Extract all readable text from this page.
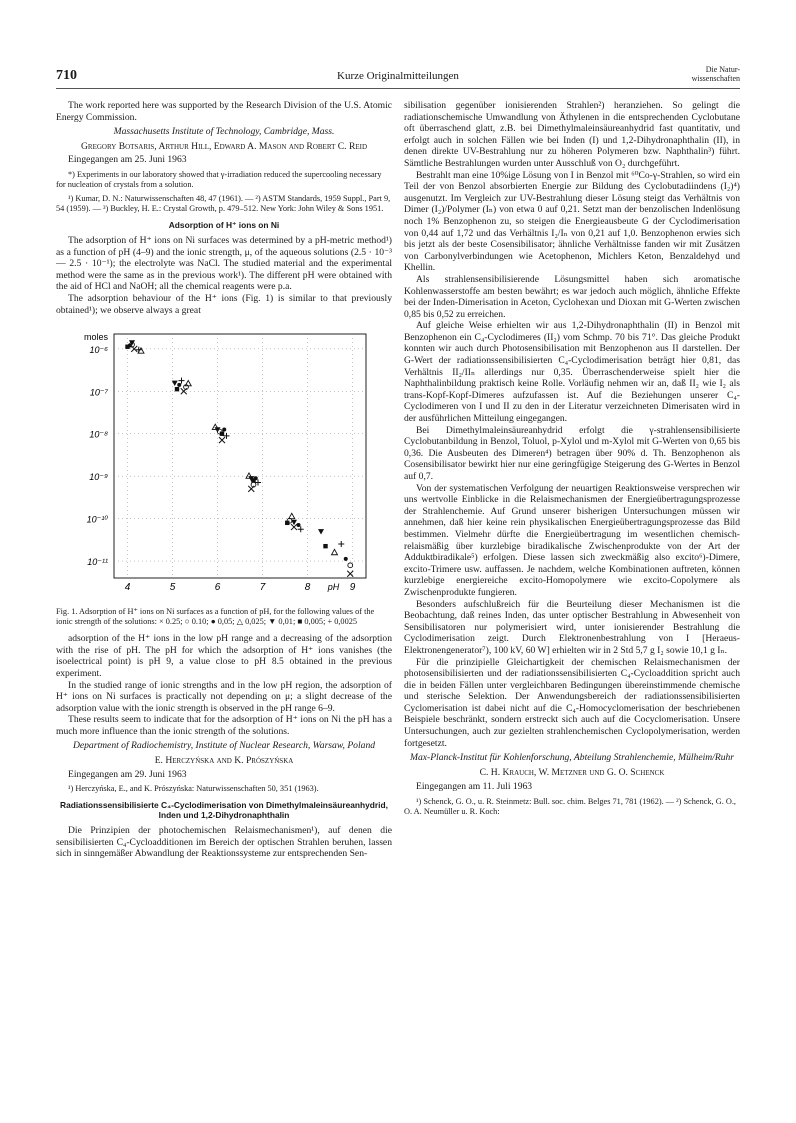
710	Kurze Originalmitteilungen
Die Natur-
wissenschaften

The work reported here was supported by the Research Division of the U.S. Atomic Energy Commission.

Massachusetts Institute of Technology, Cambridge, Mass.
Gregory Botsaris, Arthur Hill, Edward A. Mason and Robert C. Reid
Eingegangen am 25. Juni 1963
*) Experiments in our laboratory showed that γ-irradiation reduced the supercooling necessary for nucleation of crystals from a solution.
¹) Kumar, D. N.: Naturwissenschaften 48, 47 (1961). — ²) ASTM Standards, 1959 Suppl., Part 9, 54 (1959). — ³) Buckley, H. E.: Crystal Growth, p. 479–512. New York: John Wiley & Sons 1951.
Adsorption of H⁺ ions on Ni

The adsorption of H⁺ ions on Ni surfaces was determined by a pH-metric method¹) as a function of pH (4–9) and the ionic strength, μ, of the aqueous solutions (2.5 · 10⁻³ — 2.5 · 10⁻¹); the electrolyte was NaCl. The studied material and the experimental method were the same as in the previous work¹). The different pH were obtained with the aid of HCl and NaOH; all the chemical reagents were p.a.

The adsorption behaviour of the H⁺ ions (Fig. 1) is similar to that previously obtained¹); we observe always a great

4	5	6	7	8	9
10⁻⁶
10⁻⁷
10⁻⁸
10⁻⁹
10⁻¹⁰
10⁻¹¹
moles
pH
Fig. 1. Adsorption of H⁺ ions on Ni surfaces as a function of pH, for the following values of the ionic strength of the solutions: × 0.25; ○ 0.10; ● 0,05; △ 0,025; ▼ 0,01; ■ 0,005; + 0,0025

adsorption of the H⁺ ions in the low pH range and a decreasing of the adsorption with the rise of pH. The pH for which the adsorption of H⁺ ions vanishes (the isoelectrical point) is pH 9, a value close to pH 8.5 obtained in the previous experiment.

In the studied range of ionic strengths and in the low pH region, the adsorption of H⁺ ions on Ni surfaces is practically not depending on μ; a slight decrease of the adsorption value with the ionic strength is observed in the pH range 6–9.

These results seem to indicate that for the adsorption of H⁺ ions on Ni the pH has a much more influence than the ionic strength of the solutions.

Department of Radiochemistry, Institute of Nuclear Research, Warsaw, Poland
E. Herczyńska and K. Prószyńska
Eingegangen am 29. Juni 1963
¹) Herczyńska, E., and K. Prószyńska: Naturwissenschaften 50, 351 (1963).
Radiationssensibilisierte C₄-Cyclodimerisation von Dimethylmaleinsäureanhydrid, Inden und 1,2-Dihydronaphthalin

Die Prinzipien der photochemischen Relaismechanismen¹), auf denen die sensibilisierten C₄-Cycloadditionen im Bereich der optischen Strahlen beruhen, lassen sich in sinngemäßer Abwandlung der Reaktionssysteme zur entsprechenden Sen-

sibilisation gegenüber ionisierenden Strahlen²) heranziehen. So gelingt die radiationschemische Umwandlung von Äthylenen in die entsprechenden Cyclobutane oft überraschend glatt, z.B. bei Dimethylmaleinsäureanhydrid fast quantitativ, und erfolgt auch in solchen Fällen wie bei Inden (I) und 1,2-Dihydronaphthalin (II), in denen direkte UV-Bestrahlung nur zu höheren Polymeren bzw. Naphthalin³) führt. Sämtliche Bestrahlungen wurden unter Ausschluß von O₂ durchgeführt.

Bestrahlt man eine 10%ige Lösung von I in Benzol mit ⁶⁰Co-γ-Strahlen, so wird ein Teil der von Benzol absorbierten Energie zur Bildung des Cyclobutadiindens (I₂)⁴) ausgenutzt. Im Vergleich zur UV-Bestrahlung dieser Lösung steigt das Verhältnis von Dimer (I₂)/Polymer (Iₙ) von etwa 0 auf 0,21. Setzt man der benzolischen Indenlösung noch 1% Benzophenon zu, so steigen die Energieausbeute G der Cyclodimerisation von 0,44 auf 1,72 und das Verhältnis I₂/Iₙ von 0,21 auf 1,0. Benzophenon erwies sich bis jetzt als der beste Cosensibilisator; ähnliche Verhältnisse fanden wir mit Zusätzen von Carbonylverbindungen wie Acetophenon, Michlers Keton, Benzaldehyd und Khellin.

Als strahlensensibilisierende Lösungsmittel haben sich aromatische Kohlenwasserstoffe am besten bewährt; es war jedoch auch möglich, ähnliche Effekte bei der Inden-Dimerisation in Aceton, Cyclohexan und Dioxan mit G-Werten zwischen 0,85 bis 0,52 zu erreichen.

Auf gleiche Weise erhielten wir aus 1,2-Dihydronaphthalin (II) in Benzol mit Benzophenon ein C₄-Cyclodimeres (II₂) vom Schmp. 70 bis 71°. Das gleiche Produkt konnten wir auch durch Photosensibilisation mit Benzophenon aus II darstellen. Der G-Wert der radiationssensibilisierten C₄-Cyclodimerisation beträgt hier 0,81, das Verhältnis II₂/IIₙ allerdings nur 0,35. Überraschenderweise spielt hier die Naphthalinbildung praktisch keine Rolle. Vorläufig nehmen wir an, daß II₂ wie I₂ als trans-Kopf-Kopf-Dimeres aufzufassen ist. Auf die Beziehungen unserer C₄-Cyclodimeren von I und II zu den in der Literatur verzeichneten Dimerisaten wird in der ausführlichen Mitteilung eingegangen.

Bei Dimethylmaleinsäureanhydrid erfolgt die γ-strahlensensibilisierte Cyclobutanbildung in Benzol, Toluol, p-Xylol und m-Xylol mit G-Werten von 0,65 bis 0,36. Die Ausbeuten des Dimeren⁴) betragen über 90% d. Th. Benzophenon als Cosensibilisator bewirkt hier nur eine geringfügige Steigerung des G-Wertes in Benzol auf 0,7.

Von der systematischen Verfolgung der neuartigen Reaktionsweise versprechen wir uns wertvolle Einblicke in die Relaismechanismen der Energieübertragungsprozesse der Strahlenchemie. Auf Grund unserer bisherigen Untersuchungen müssen wir annehmen, daß hier keine rein physikalischen Energieübertragungsprozesse das Bild bestimmen. Vielmehr dürfte die Energieübertragung im wesentlichen chemisch-relaismäßig über kurzlebige biradikalische Zwischenprodukte von der Art der Adduktbiradikale⁵) erfolgen. Diese lassen sich zweckmäßig also excito⁶)-Dimere, excito-Trimere usw. auffassen. Je nachdem, welche Kombinationen auftreten, können kurzlebige energiereiche excito-Homopolymere wie excito-Copolymere als Zwischenprodukte fungieren.

Besonders aufschlußreich für die Beurteilung dieser Mechanismen ist die Beobachtung, daß reines Inden, das unter optischer Bestrahlung in Abwesenheit von Sensibilisatoren nur polymerisiert wird, unter ionisierender Bestrahlung die Cyclodimerisation zeigt. Durch Elektronenbestrahlung von I [Heraeus-Elektronengenerator⁷), 100 kV, 60 W] erhielten wir in 2 Std 5,7 g I₂ sowie 10,1 g Iₙ.

Für die prinzipielle Gleichartigkeit der chemischen Relaismechanismen der photosensibilisierten und der radiationssensibilisierten C₄-Cycloaddition spricht auch die in beiden Fällen unter vergleichbaren Bedingungen übereinstimmende chemische und sterische Selektion. Der Anwendungsbereich der radiationssensibilisierten Cyclomerisation ist dabei nicht auf die C₄-Homocyclomerisation der beschriebenen Beispiele beschränkt, sondern erstreckt sich auch auf die Cocyclomerisation. Unsere Untersuchungen, auch zur gezielten strahlenchemischen Cyclopolymerisation, werden fortgesetzt.

Max-Planck-Institut für Kohlenforschung, Abteilung Strahlenchemie, Mülheim/Ruhr
C. H. Krauch, W. Metzner und G. O. Schenck
Eingegangen am 11. Juli 1963
¹) Schenck, G. O., u. R. Steinmetz: Bull. soc. chim. Belges 71, 781 (1962). — ²) Schenck, G. O., O. A. Neumüller u. R. Koch:
